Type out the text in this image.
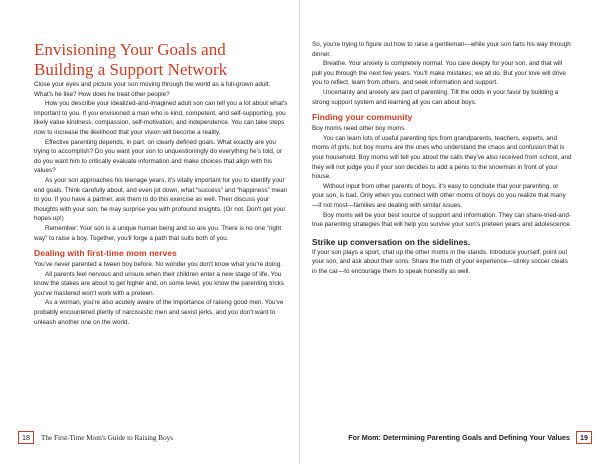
Envisioning Your Goals and
Building a Support Network

Close your eyes and picture your son moving through the world as a full-grown adult. What's he like? How does he treat other people?

How you describe your idealized-and-imagined adult son can tell you a lot about what's important to you. If you envisioned a man who is kind, competent, and self-supporting, you likely value kindness, compassion, self-motivation, and independence. You can take steps now to increase the likelihood that your vision will become a reality.

Effective parenting depends, in part, on clearly defined goals. What exactly are you trying to accomplish? Do you want your son to unquestioningly do everything he's told, or do you want him to critically evaluate information and make choices that align with his values?

As your son approaches his teenage years, it's vitally important for you to identify your end goals. Think carefully about, and even jot down, what “success” and “happiness” mean to you. If you have a partner, ask them to do this exercise as well. Then discuss your thoughts with your son; he may surprise you with profound insights. (Or not. Don't get your hopes up!)

Remember: Your son is a unique human being and so are you. There is no one “right way” to raise a boy. Together, you'll forge a path that suits both of you.

Dealing with first-time mom nerves

You've never parented a tween boy before. No wonder you don't know what you're doing.

All parents feel nervous and unsure when their children enter a new stage of life. You know the stakes are about to get higher and, on some level, you know the parenting tricks you've mastered won't work with a preteen.

As a woman, you're also acutely aware of the importance of raising good men. You've probably encountered plenty of narcissistic men and sexist jerks, and you don't want to unleash another one on the world.

18 The First-Time Mom's Guide to Raising Boys

So, you're trying to figure out how to raise a gentleman—while your son farts his way through dinner.

Breathe. Your anxiety is completely normal. You care deeply for your son, and that will pull you through the next few years. You'll make mistakes; we all do. But your love will drive you to reflect, learn from others, and seek information and support.

Uncertainty and anxiety are part of parenting. Tilt the odds in your favor by building a strong support system and learning all you can about boys.

Finding your community

Boy moms need other boy moms.

You can learn lots of useful parenting tips from grandparents, teachers, experts, and moms of girls, but boy moms are the ones who understand the chaos and confusion that is your household. Boy moms will tell you about the calls they've also received from school, and they will not judge you if your son decides to add a penis to the snowman in front of your house.

Without input from other parents of boys, it's easy to conclude that your parenting, or your son, is bad. Only when you connect with other moms of boys do you realize that many—if not most—families are dealing with similar issues.

Boy moms will be your best source of support and information. They can share-tried-and-true parenting strategies that will help you survive your son's preteen years and adolescence.

Strike up conversation on the sidelines.

If your son plays a sport, chat up the other moms in the stands. Introduce yourself, point out your son, and ask about their sons. Share the truth of your experience—stinky soccer cleats in the car—to encourage them to speak honestly as well.

For Mom: Determining Parenting Goals and Defining Your Values 19
